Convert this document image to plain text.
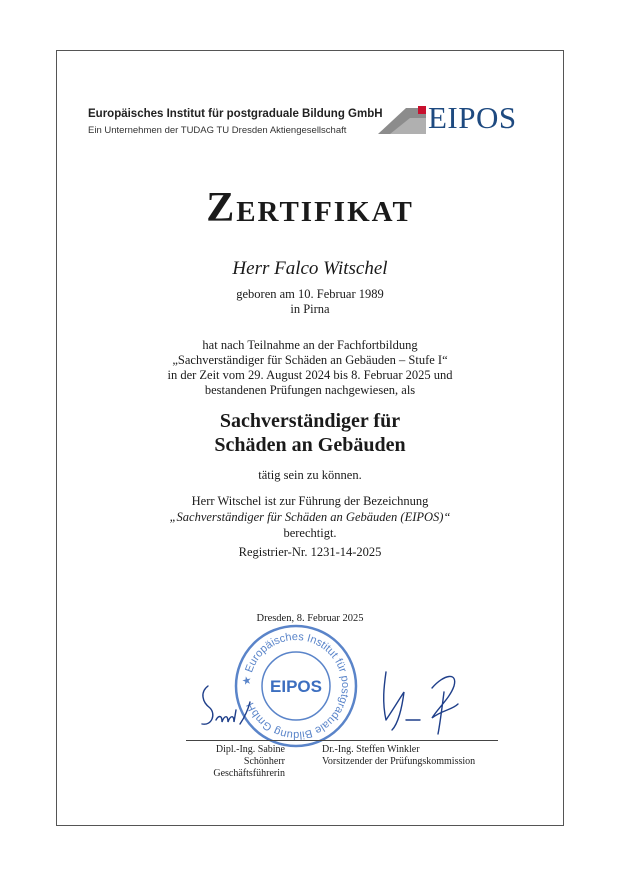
Europäisches Institut für postgraduale Bildung GmbH
Ein Unternehmen der TUDAG TU Dresden Aktiengesellschaft	EIPOS
Zertifikat
Herr Falco Witschel
geboren am 10. Februar 1989
in Pirna
hat nach Teilnahme an der Fachfortbildung
„Sachverständiger für Schäden an Gebäuden – Stufe I“
in der Zeit vom 29. August 2024 bis 8. Februar 2025 und
bestandenen Prüfungen nachgewiesen, als
Sachverständiger für
Schäden an Gebäuden
tätig sein zu können.
Herr Witschel ist zur Führung der Bezeichnung
„Sachverständiger für Schäden an Gebäuden (EIPOS)“
berechtigt.
Registrier-Nr. 1231-14-2025
Dresden, 8. Februar 2025
★ Europäisches Institut für postgraduale Bildung GmbH
EIPOS
Dipl.-Ing. Sabine Schönherr
Geschäftsführerin
Dr.-Ing. Steffen Winkler
Vorsitzender der Prüfungskommission
